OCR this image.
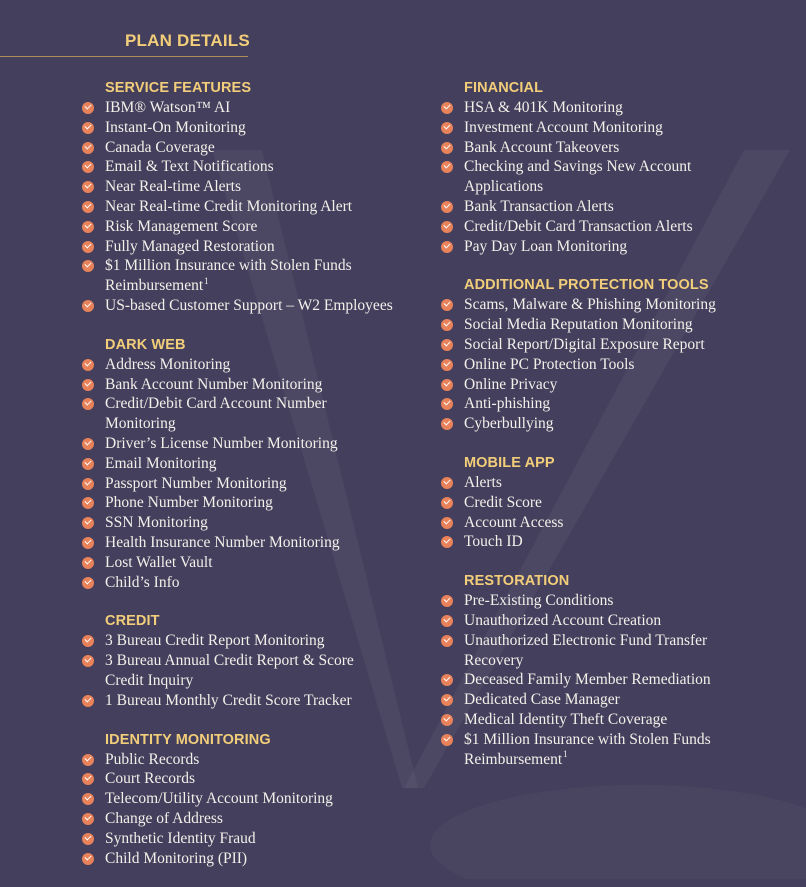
PLAN DETAILS
SERVICE FEATURES
IBM® Watson™ AI
Instant-On Monitoring
Canada Coverage
Email & Text Notifications
Near Real-time Alerts
Near Real-time Credit Monitoring Alert
Risk Management Score
Fully Managed Restoration
$1 Million Insurance with Stolen Funds
Reimbursement$^1$
US-based Customer Support – W2 Employees
DARK WEB
Address Monitoring
Bank Account Number Monitoring
Credit/Debit Card Account Number
Monitoring
Driver’s License Number Monitoring
Email Monitoring
Passport Number Monitoring
Phone Number Monitoring
SSN Monitoring
Health Insurance Number Monitoring
Lost Wallet Vault
Child’s Info
CREDIT
3 Bureau Credit Report Monitoring
3 Bureau Annual Credit Report & Score
Credit Inquiry
1 Bureau Monthly Credit Score Tracker
IDENTITY MONITORING
Public Records
Court Records
Telecom/Utility Account Monitoring
Change of Address
Synthetic Identity Fraud
Child Monitoring (PII)
FINANCIAL
HSA & 401K Monitoring
Investment Account Monitoring
Bank Account Takeovers
Checking and Savings New Account
Applications
Bank Transaction Alerts
Credit/Debit Card Transaction Alerts
Pay Day Loan Monitoring
ADDITIONAL PROTECTION TOOLS
Scams, Malware & Phishing Monitoring
Social Media Reputation Monitoring
Social Report/Digital Exposure Report
Online PC Protection Tools
Online Privacy
Anti-phishing
Cyberbullying
MOBILE APP
Alerts
Credit Score
Account Access
Touch ID
RESTORATION
Pre-Existing Conditions
Unauthorized Account Creation
Unauthorized Electronic Fund Transfer
Recovery
Deceased Family Member Remediation
Dedicated Case Manager
Medical Identity Theft Coverage
$1 Million Insurance with Stolen Funds
Reimbursement$^1$
